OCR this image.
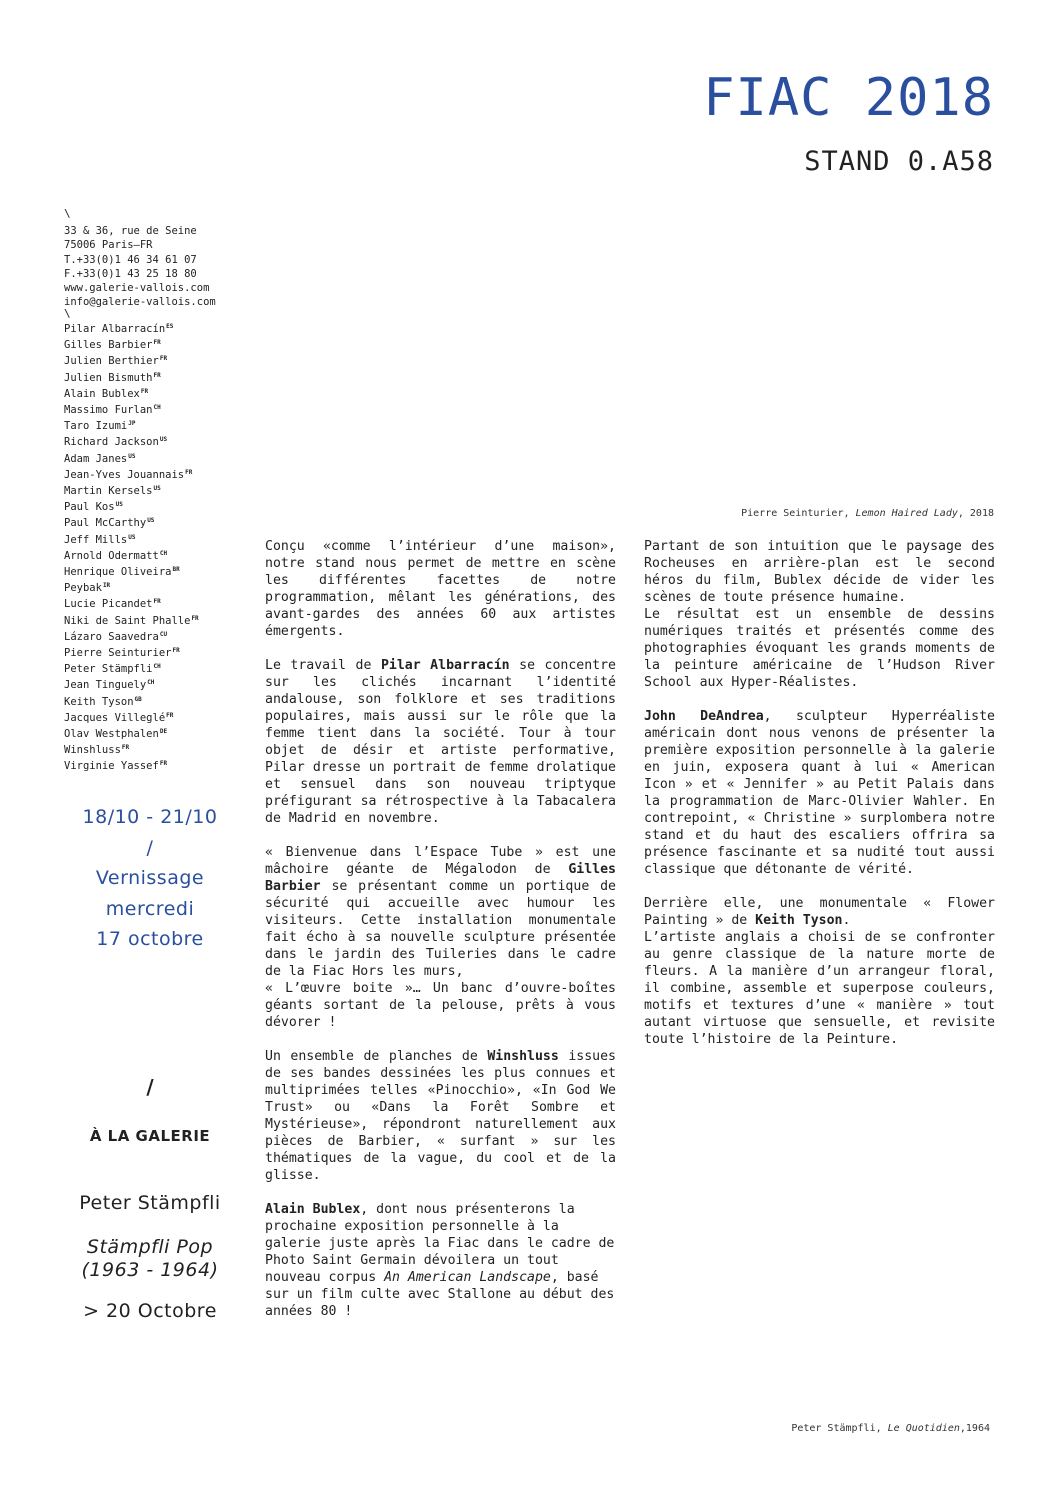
FIAC 2018
STAND 0.A58
\
33 & 36, rue de Seine
75006 Paris—FR
T.+33(0)1 46 34 61 07
F.+33(0)1 43 25 18 80
www.galerie-vallois.com
info@galerie-vallois.com
\
Pilar Albarracín$^{ES}$
Gilles Barbier$^{FR}$
Julien Berthier$^{FR}$
Julien Bismuth$^{FR}$
Alain Bublex$^{FR}$
Massimo Furlan$^{CH}$
Taro Izumi$^{JP}$
Richard Jackson$^{US}$
Adam Janes$^{US}$
Jean-Yves Jouannais$^{FR}$
Martin Kersels$^{US}$
Paul Kos$^{US}$
Paul McCarthy$^{US}$
Jeff Mills$^{US}$
Arnold Odermatt$^{CH}$
Henrique Oliveira$^{BR}$
Peybak$^{IR}$
Lucie Picandet$^{FR}$
Niki de Saint Phalle$^{FR}$
Lázaro Saavedra$^{CU}$
Pierre Seinturier$^{FR}$
Peter Stämpfli$^{CH}$
Jean Tinguely$^{CH}$
Keith Tyson$^{GB}$
Jacques Villeglé$^{FR}$
Olav Westphalen$^{DE}$
Winshluss$^{FR}$
Virginie Yassef$^{FR}$
18/10 - 21/10
/
Vernissage
mercredi
17 octobre
/
À LA GALERIE
Peter Stämpfli
Stämpfli Pop
(1963 - 1964)
> 20 Octobre
Pierre Seinturier, Lemon Haired Lady, 2018

Conçu «comme l’intérieur d’une maison», notre stand nous permet de mettre en scène les différentes facettes de notre programmation, mêlant les générations, des avant-gardes des années 60 aux artistes émergents.

Le travail de Pilar Albarracín se concentre sur les clichés incarnant l’identité andalouse, son folklore et ses traditions populaires, mais aussi sur le rôle que la femme tient dans la société. Tour à tour objet de désir et artiste performative, Pilar dresse un portrait de femme drolatique et sensuel dans son nouveau triptyque préfigurant sa rétrospective à la Tabacalera de Madrid en novembre.

« Bienvenue dans l’Espace Tube » est une mâchoire géante de Mégalodon de Gilles Barbier se présentant comme un portique de sécurité qui accueille avec humour les visiteurs. Cette installation monumentale fait écho à sa nouvelle sculpture présentée dans le jardin des Tuileries dans le cadre de la Fiac Hors les murs,

« L’œuvre boite »… Un banc d’ouvre-boîtes géants sortant de la pelouse, prêts à vous dévorer !

Un ensemble de planches de Winshluss issues de ses bandes dessinées les plus connues et multiprimées telles «Pinocchio», «In God We Trust» ou «Dans la Forêt Sombre et Mystérieuse», répondront naturellement aux pièces de Barbier, « surfant » sur les thématiques de la vague, du cool et de la glisse.

Alain Bublex, dont nous présenterons la prochaine exposition personnelle à la galerie juste après la Fiac dans le cadre de Photo Saint Germain dévoilera un tout nouveau corpus An American Landscape, basé sur un film culte avec Stallone au début des années 80 !

Partant de son intuition que le paysage des Rocheuses en arrière-plan est le second héros du film, Bublex décide de vider les scènes de toute présence humaine.

Le résultat est un ensemble de dessins numériques traités et présentés comme des photographies évoquant les grands moments de la peinture américaine de l’Hudson River School aux Hyper-Réalistes.

John DeAndrea, sculpteur Hyperréaliste américain dont nous venons de présenter la première exposition personnelle à la galerie en juin, exposera quant à lui « American Icon » et « Jennifer » au Petit Palais dans la programmation de Marc-Olivier Wahler. En contrepoint, « Christine » surplombera notre stand et du haut des escaliers offrira sa présence fascinante et sa nudité tout aussi classique que détonante de vérité.

Derrière elle, une monumentale « Flower Painting » de Keith Tyson.

L’artiste anglais a choisi de se confronter au genre classique de la nature morte de fleurs. A la manière d’un arrangeur floral, il combine, assemble et superpose couleurs, motifs et textures d’une « manière » tout autant virtuose que sensuelle, et revisite toute l’histoire de la Peinture.

Peter Stämpfli, Le Quotidien,1964
